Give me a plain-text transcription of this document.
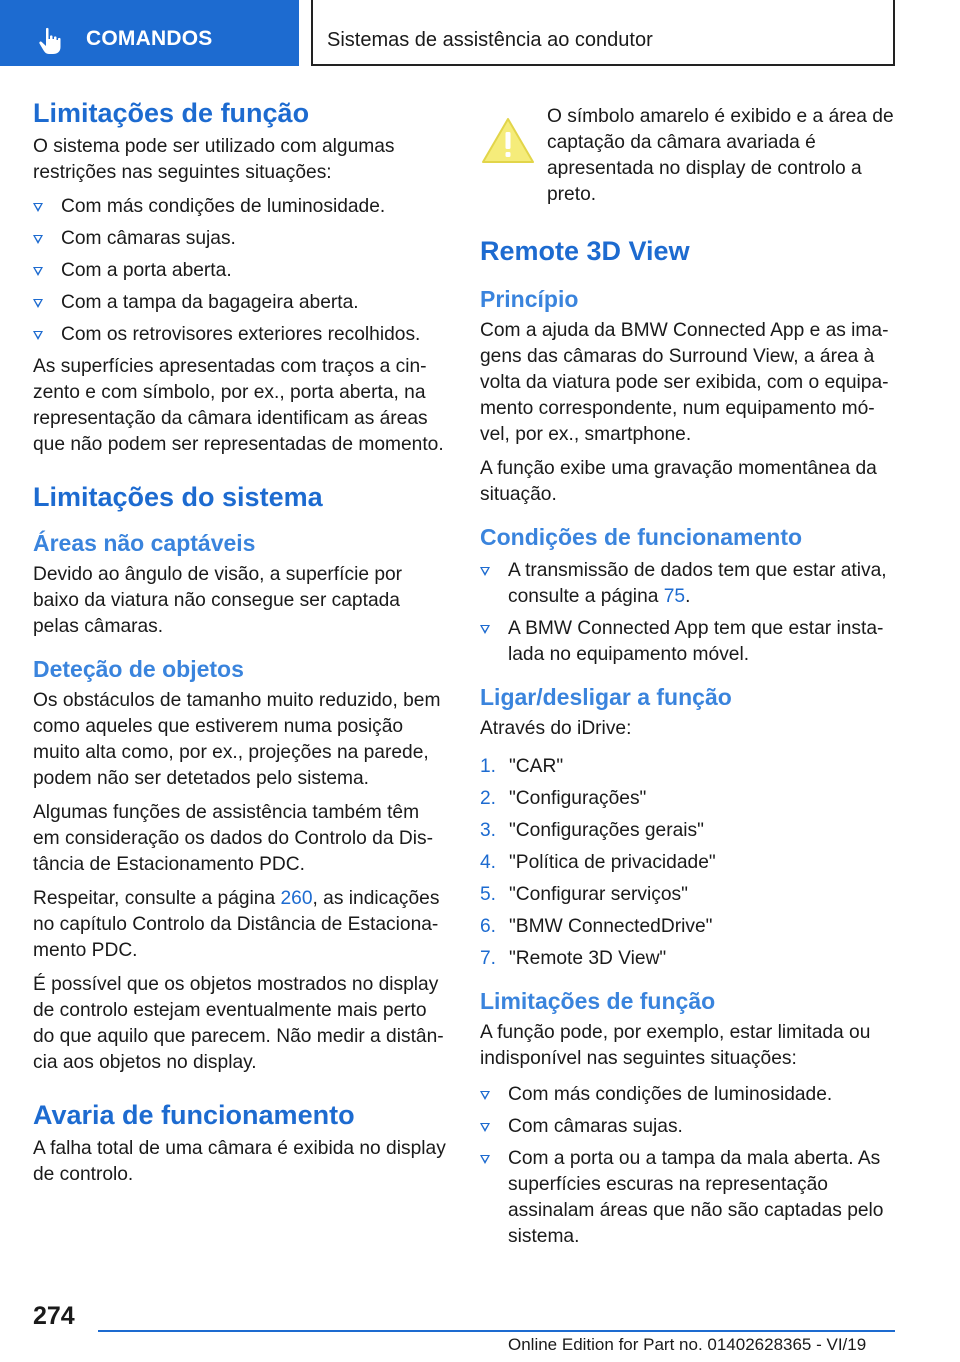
COMANDOS	Sistemas de assistência ao condutor
Limitações de função

O sistema pode ser utilizado com algumas restrições nas seguintes situações:

Com más condições de luminosidade.
Com câmaras sujas.
Com a porta aberta.
Com a tampa da bagageira aberta.
Com os retrovisores exteriores recolhidos.

As superfícies apresentadas com traços a cinzento e com símbolo, por ex., porta aberta, na representação da câmara identificam as áreas que não podem ser representadas de momento.

Limitações do sistema
Áreas não captáveis

Devido ao ângulo de visão, a superfície por baixo da viatura não consegue ser captada pelas câmaras.

Deteção de objetos

Os obstáculos de tamanho muito reduzido, bem como aqueles que estiverem numa posição muito alta como, por ex., projeções na parede, podem não ser detetados pelo sistema.

Algumas funções de assistência também têm em consideração os dados do Controlo da Distância de Estacionamento PDC.

Respeitar, consulte a página 260, as indicações no capítulo Controlo da Distância de Estacionamento PDC.

É possível que os objetos mostrados no display de controlo estejam eventualmente mais perto do que aquilo que parecem. Não medir a distância aos objetos no display.

Avaria de funcionamento

A falha total de uma câmara é exibida no display de controlo.

O símbolo amarelo é exibido e a área de captação da câmara avariada é apresentada no display de controlo a preto.

Remote 3D View
Princípio

Com a ajuda da BMW Connected App e as imagens das câmaras do Surround View, a área à volta da viatura pode ser exibida, com o equipamento correspondente, num equipamento móvel, por ex., smartphone.

A função exibe uma gravação momentânea da situação.

Condições de funcionamento
A transmissão de dados tem que estar ativa, consulte a página 75.
A BMW Connected App tem que estar instalada no equipamento móvel.
Ligar/desligar a função

Através do iDrive:

1. "CAR"
2. "Configurações"
3. "Configurações gerais"
4. "Política de privacidade"
5. "Configurar serviços"
6. "BMW ConnectedDrive"
7. "Remote 3D View"
Limitações de função

A função pode, por exemplo, estar limitada ou indisponível nas seguintes situações:

Com más condições de luminosidade.
Com câmaras sujas.
Com a porta ou a tampa da mala aberta. As superfícies escuras na representação assinalam áreas que não são captadas pelo sistema.
274
Online Edition for Part no. 01402628365 - VI/19
